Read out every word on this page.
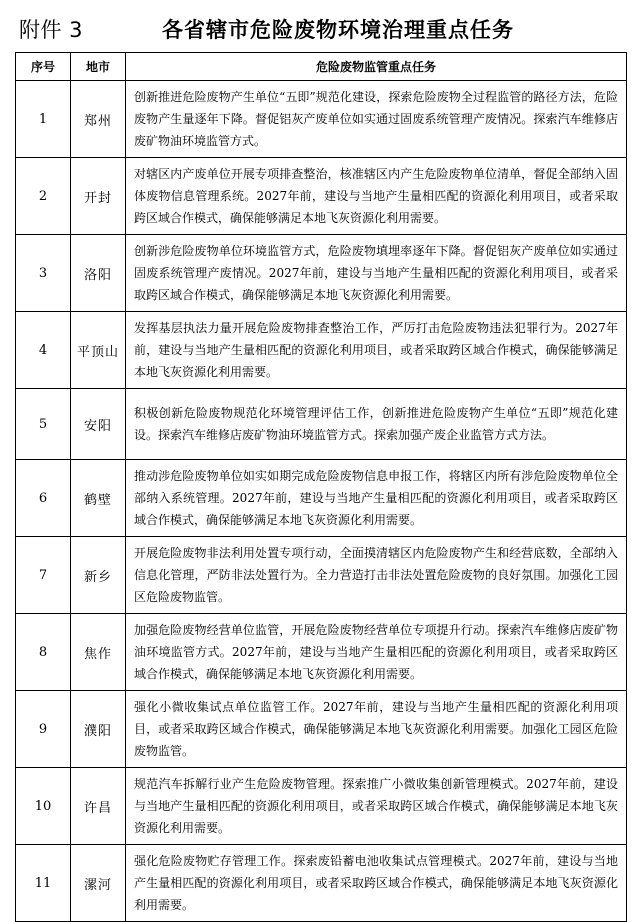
附件 3	各省辖市危险废物环境治理重点任务
序号	地市	危险废物监管重点任务
1	郑州	创新推进危险废物产生单位“五即”规范化建设，探索危险废物全过程监管的路径方法，危险废物产生量逐年下降。督促铝灰产废单位如实通过固废系统管理产废情况。探索汽车维修店废矿物油环境监管方式。
2	开封	对辖区内产废单位开展专项排查整治，核准辖区内产生危险废物单位清单，督促全部纳入固体废物信息管理系统。2027年前，建设与当地产生量相匹配的资源化利用项目，或者采取跨区域合作模式，确保能够满足本地飞灰资源化利用需要。
3	洛阳	创新涉危险废物单位环境监管方式，危险废物填埋率逐年下降。督促铝灰产废单位如实通过固废系统管理产废情况。2027年前，建设与当地产生量相匹配的资源化利用项目，或者采取跨区域合作模式，确保能够满足本地飞灰资源化利用需要。
4	平顶山	发挥基层执法力量开展危险废物排查整治工作，严厉打击危险废物违法犯罪行为。2027年前，建设与当地产生量相匹配的资源化利用项目，或者采取跨区域合作模式，确保能够满足本地飞灰资源化利用需要。
5	安阳	积极创新危险废物规范化环境管理评估工作，创新推进危险废物产生单位“五即”规范化建设。探索汽车维修店废矿物油环境监管方式。探索加强产废企业监管方式方法。
6	鹤壁	推动涉危险废物单位如实如期完成危险废物信息申报工作，将辖区内所有涉危险废物单位全部纳入系统管理。2027年前，建设与当地产生量相匹配的资源化利用项目，或者采取跨区域合作模式，确保能够满足本地飞灰资源化利用需要。
7	新乡	开展危险废物非法利用处置专项行动，全面摸清辖区内危险废物产生和经营底数，全部纳入信息化管理，严防非法处置行为。全力营造打击非法处置危险废物的良好氛围。加强化工园区危险废物监管。
8	焦作	加强危险废物经营单位监管，开展危险废物经营单位专项提升行动。探索汽车维修店废矿物油环境监管方式。2027年前，建设与当地产生量相匹配的资源化利用项目，或者采取跨区域合作模式，确保能够满足本地飞灰资源化利用需要。
9	濮阳	强化小微收集试点单位监管工作。2027年前，建设与当地产生量相匹配的资源化利用项目，或者采取跨区域合作模式，确保能够满足本地飞灰资源化利用需要。加强化工园区危险废物监管。
10	许昌	规范汽车拆解行业产生危险废物管理。探索推广小微收集创新管理模式。2027年前，建设与当地产生量相匹配的资源化利用项目，或者采取跨区域合作模式，确保能够满足本地飞灰资源化利用需要。
11	漯河	强化危险废物贮存管理工作。探索废铅蓄电池收集试点管理模式。2027年前，建设与当地产生量相匹配的资源化利用项目，或者采取跨区域合作模式，确保能够满足本地飞灰资源化利用需要。
